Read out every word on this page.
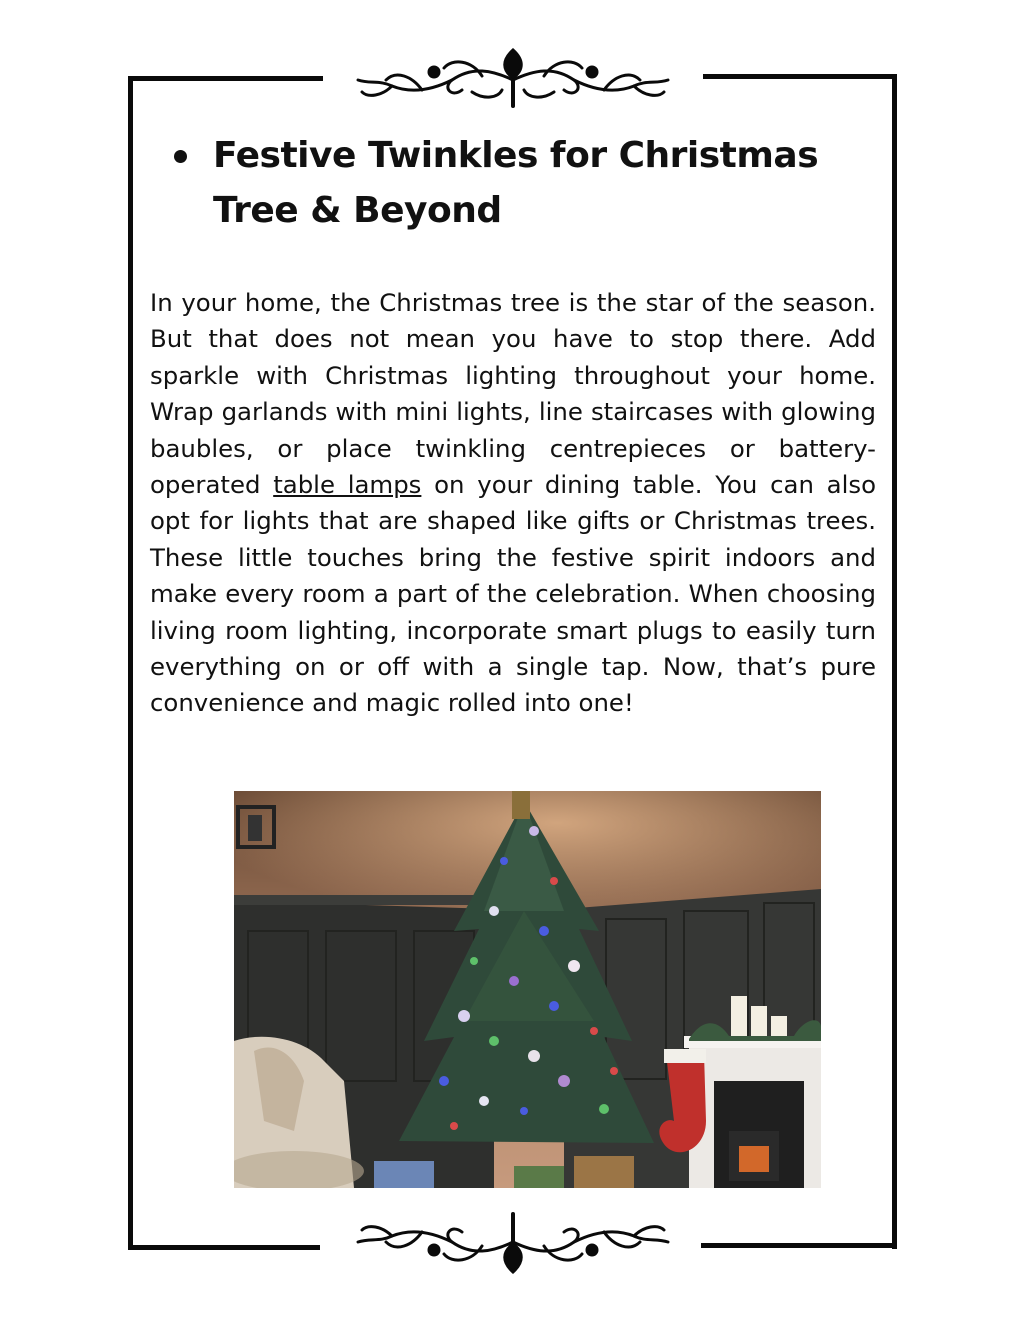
Festive Twinkles for Christmas Tree & Beyond

In your home, the Christmas tree is the star of the season. But that does not mean you have to stop there. Add sparkle with Christmas lighting throughout your home. Wrap garlands with mini lights, line staircases with glowing baubles, or place twinkling centrepieces or battery-operated table lamps on your dining table. You can also opt for lights that are shaped like gifts or Christmas trees. These little touches bring the festive spirit indoors and make every room a part of the celebration. When choosing living room lighting, incorporate smart plugs to easily turn everything on or off with a single tap. Now, that’s pure convenience and magic rolled into one!
